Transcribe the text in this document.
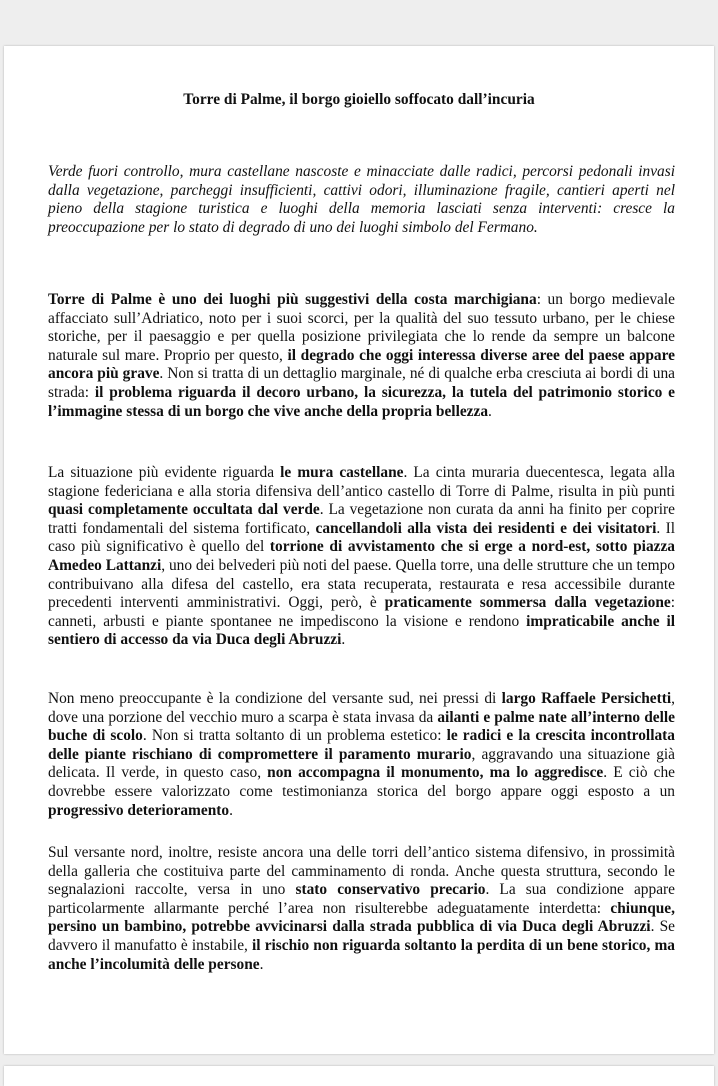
Torre di Palme, il borgo gioiello soffocato dall’incuria
Verde fuori controllo, mura castellane nascoste e minacciate dalle radici, percorsi pedonali invasi dalla vegetazione, parcheggi insufficienti, cattivi odori, illuminazione fragile, cantieri aperti nel pieno della stagione turistica e luoghi della memoria lasciati senza interventi: cresce la preoccupazione per lo stato di degrado di uno dei luoghi simbolo del Fermano.

Torre di Palme è uno dei luoghi più suggestivi della costa marchigiana: un borgo medievale affacciato sull’Adriatico, noto per i suoi scorci, per la qualità del suo tessuto urbano, per le chiese storiche, per il paesaggio e per quella posizione privilegiata che lo rende da sempre un balcone naturale sul mare. Proprio per questo, il degrado che oggi interessa diverse aree del paese appare ancora più grave. Non si tratta di un dettaglio marginale, né di qualche erba cresciuta ai bordi di una strada: il problema riguarda il decoro urbano, la sicurezza, la tutela del patrimonio storico e l’immagine stessa di un borgo che vive anche della propria bellezza.

La situazione più evidente riguarda le mura castellane. La cinta muraria duecentesca, legata alla stagione federiciana e alla storia difensiva dell’antico castello di Torre di Palme, risulta in più punti quasi completamente occultata dal verde. La vegetazione non curata da anni ha finito per coprire tratti fondamentali del sistema fortificato, cancellandoli alla vista dei residenti e dei visitatori. Il caso più significativo è quello del torrione di avvistamento che si erge a nord-est, sotto piazza Amedeo Lattanzi, uno dei belvederi più noti del paese. Quella torre, una delle strutture che un tempo contribuivano alla difesa del castello, era stata recuperata, restaurata e resa accessibile durante precedenti interventi amministrativi. Oggi, però, è praticamente sommersa dalla vegetazione: canneti, arbusti e piante spontanee ne impediscono la visione e rendono impraticabile anche il sentiero di accesso da via Duca degli Abruzzi.

Non meno preoccupante è la condizione del versante sud, nei pressi di largo Raffaele Persichetti, dove una porzione del vecchio muro a scarpa è stata invasa da ailanti e palme nate all’interno delle buche di scolo. Non si tratta soltanto di un problema estetico: le radici e la crescita incontrollata delle piante rischiano di compromettere il paramento murario, aggravando una situazione già delicata. Il verde, in questo caso, non accompagna il monumento, ma lo aggredisce. E ciò che dovrebbe essere valorizzato come testimonianza storica del borgo appare oggi esposto a un progressivo deterioramento.

Sul versante nord, inoltre, resiste ancora una delle torri dell’antico sistema difensivo, in prossimità della galleria che costituiva parte del camminamento di ronda. Anche questa struttura, secondo le segnalazioni raccolte, versa in uno stato conservativo precario. La sua condizione appare particolarmente allarmante perché l’area non risulterebbe adeguatamente interdetta: chiunque, persino un bambino, potrebbe avvicinarsi dalla strada pubblica di via Duca degli Abruzzi. Se davvero il manufatto è instabile, il rischio non riguarda soltanto la perdita di un bene storico, ma anche l’incolumità delle persone.
